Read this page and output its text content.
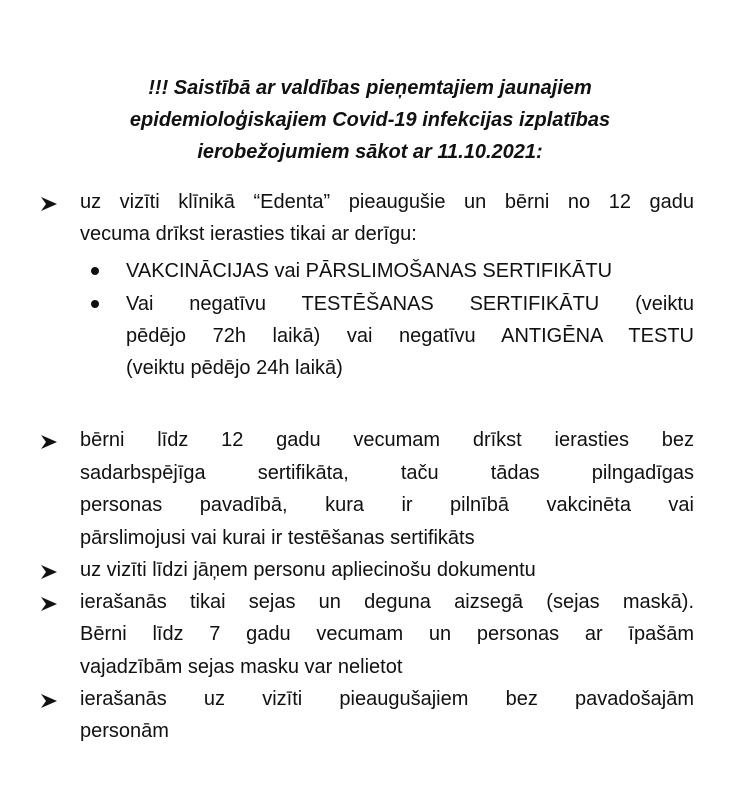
!!! Saistībā ar valdības pieņemtajiem jaunajiem
epidemioloģiskajiem Covid-19 infekcijas izplatības
ierobežojumiem sākot ar 11.10.2021:
uz vizīti klīnikā “Edenta” pieaugušie un bērni no 12 gadu
vecuma drīkst ierasties tikai ar derīgu:
VAKCINĀCIJAS vai PĀRSLIMOŠANAS SERTIFIKĀTU
Vai negatīvu TESTĒŠANAS SERTIFIKĀTU (veiktu
pēdējo 72h laikā) vai negatīvu ANTIGĒNA TESTU
(veiktu pēdējo 24h laikā)
bērni līdz 12 gadu vecumam drīkst ierasties bez
sadarbspējīga sertifikāta, taču tādas pilngadīgas
personas pavadībā, kura ir pilnībā vakcinēta vai
pārslimojusi vai kurai ir testēšanas sertifikāts
uz vizīti līdzi jāņem personu apliecinošu dokumentu
ierašanās tikai sejas un deguna aizsegā (sejas maskā).
Bērni līdz 7 gadu vecumam un personas ar īpašām
vajadzībām sejas masku var nelietot
ierašanās uz vizīti pieaugušajiem bez pavadošajām
personām
